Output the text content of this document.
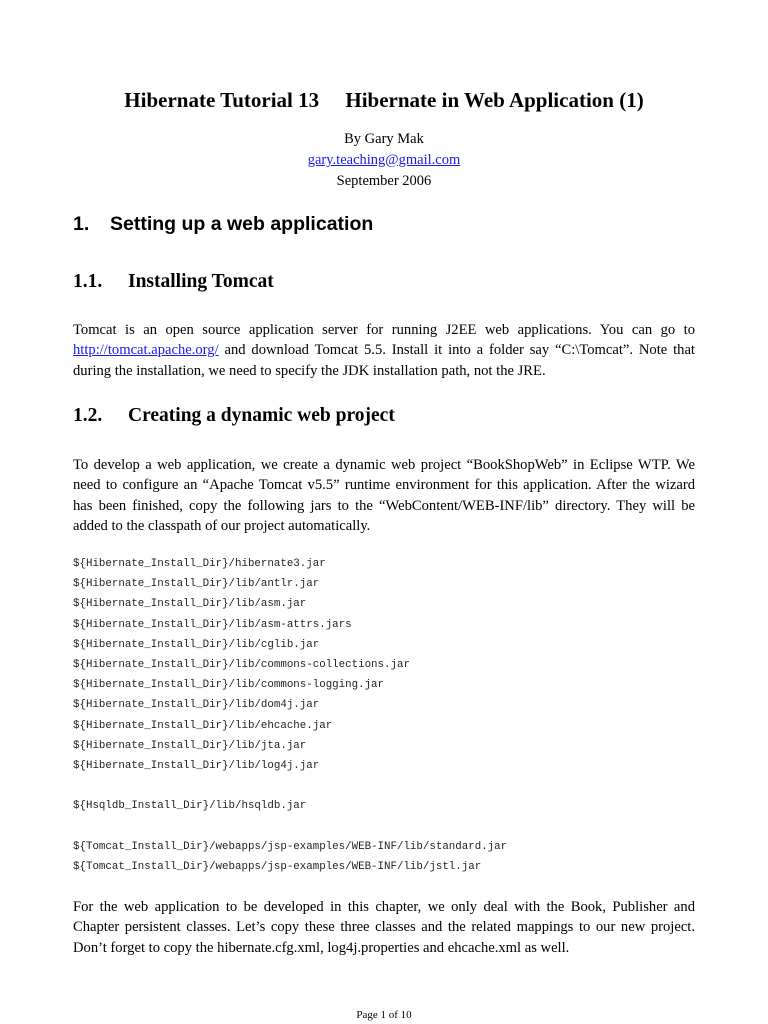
Hibernate Tutorial 13     Hibernate in Web Application (1)
By Gary Mak
gary.teaching@gmail.com
September 2006
1. Setting up a web application
1.1. Installing Tomcat
Tomcat is an open source application server for running J2EE web applications. You can go to http://tomcat.apache.org/ and download Tomcat 5.5. Install it into a folder say “C:\Tomcat”. Note that during the installation, we need to specify the JDK installation path, not the JRE.
1.2. Creating a dynamic web project
To develop a web application, we create a dynamic web project “BookShopWeb” in Eclipse WTP. We need to configure an “Apache Tomcat v5.5” runtime environment for this application. After the wizard has been finished, copy the following jars to the “WebContent/WEB-INF/lib” directory. They will be added to the classpath of our project automatically.
${Hibernate_Install_Dir}/hibernate3.jar
${Hibernate_Install_Dir}/lib/antlr.jar
${Hibernate_Install_Dir}/lib/asm.jar
${Hibernate_Install_Dir}/lib/asm-attrs.jars
${Hibernate_Install_Dir}/lib/cglib.jar
${Hibernate_Install_Dir}/lib/commons-collections.jar
${Hibernate_Install_Dir}/lib/commons-logging.jar
${Hibernate_Install_Dir}/lib/dom4j.jar
${Hibernate_Install_Dir}/lib/ehcache.jar
${Hibernate_Install_Dir}/lib/jta.jar
${Hibernate_Install_Dir}/lib/log4j.jar
${Hsqldb_Install_Dir}/lib/hsqldb.jar
${Tomcat_Install_Dir}/webapps/jsp-examples/WEB-INF/lib/standard.jar
${Tomcat_Install_Dir}/webapps/jsp-examples/WEB-INF/lib/jstl.jar
For the web application to be developed in this chapter, we only deal with the Book, Publisher and Chapter persistent classes. Let’s copy these three classes and the related mappings to our new project. Don’t forget to copy the hibernate.cfg.xml, log4j.properties and ehcache.xml as well.
Page 1 of 10
